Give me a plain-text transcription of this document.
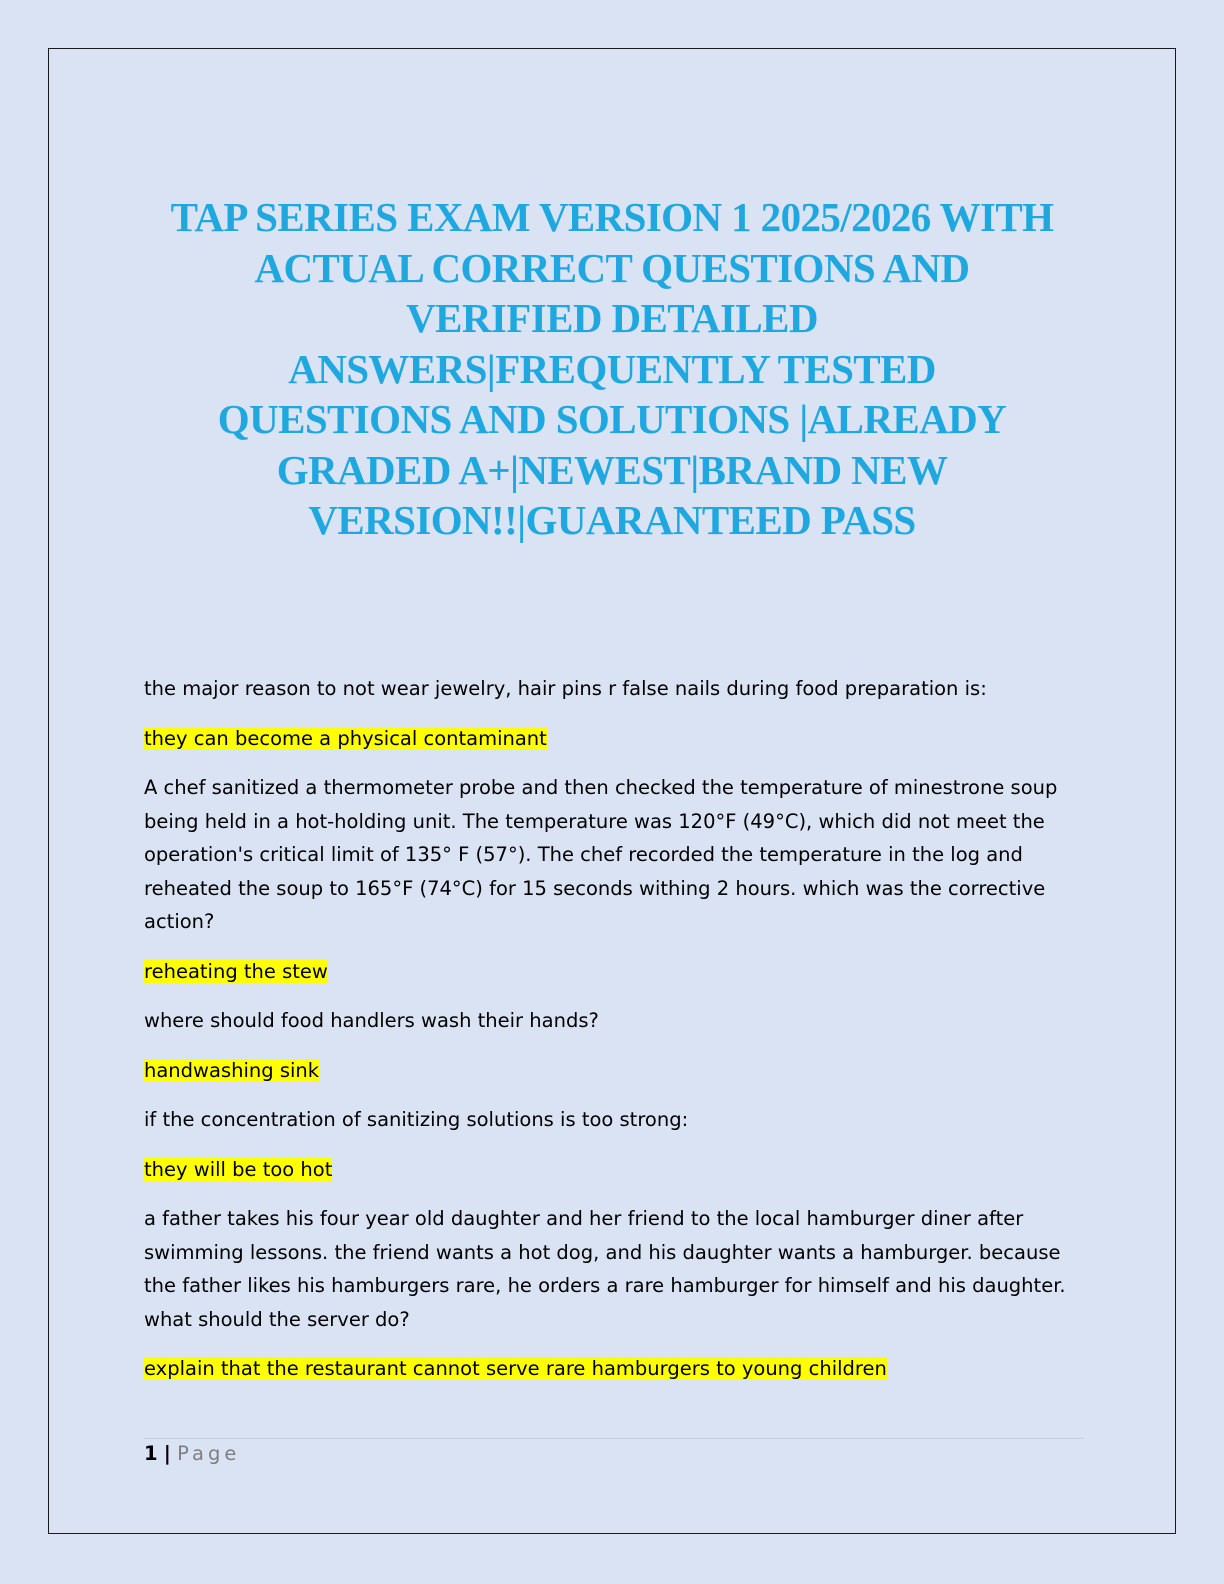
TAP SERIES EXAM VERSION 1 2025/2026 WITH
ACTUAL CORRECT QUESTIONS AND
VERIFIED DETAILED
ANSWERS|FREQUENTLY TESTED
QUESTIONS AND SOLUTIONS |ALREADY
GRADED A+|NEWEST|BRAND NEW
VERSION!!|GUARANTEED PASS

the major reason to not wear jewelry, hair pins r false nails during food preparation is:

they can become a physical contaminant

A chef sanitized a thermometer probe and then checked the temperature of minestrone soup being held in a hot-holding unit. The temperature was 120°F (49°C), which did not meet the operation's critical limit of 135° F (57°). The chef recorded the temperature in the log and reheated the soup to 165°F (74°C) for 15 seconds withing 2 hours. which was the corrective action?

reheating the stew

where should food handlers wash their hands?

handwashing sink

if the concentration of sanitizing solutions is too strong:

they will be too hot

a father takes his four year old daughter and her friend to the local hamburger diner after swimming lessons. the friend wants a hot dog, and his daughter wants a hamburger. because the father likes his hamburgers rare, he orders a rare hamburger for himself and his daughter. what should the server do?

explain that the restaurant cannot serve rare hamburgers to young children

1 | Page
